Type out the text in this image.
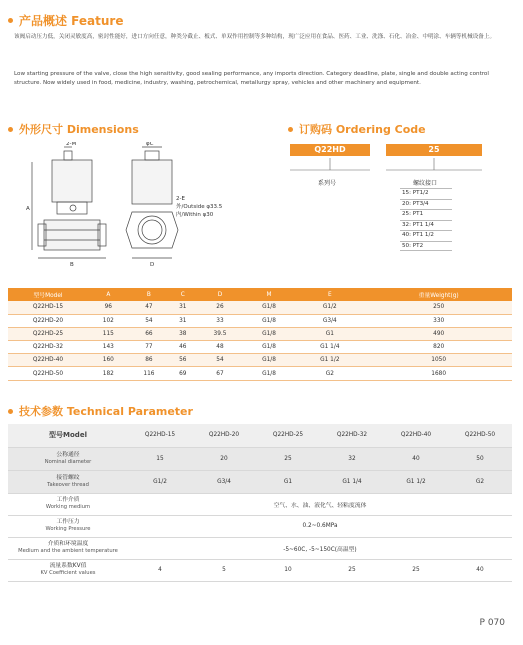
产品概述 Feature
该阀启动压力低，关闭灵敏度高，密封性能好，进口方向任意，种类分截止、板式、单双作用控制等多种结构，现广泛应用在食品、医药、工业、洗涤、石化、冶金、中明涂、车辆等机械设备上。
Low starting pressure of the valve, close the high sensitivity, good sealing performance, any imports direction. Category deadline, plate, single and double acting control structure. Now widely used in food, medicine, industry, washing, petrochemical, metallurgy spray, vehicles and other machinery and equipment.
外形尺寸 Dimensions	订购码 Ordering Code
2-M	φC
A
B	D
2-E
外/Outside φ33.5
内/Within φ30
Q22HD	25
系列号	螺纹接口
15: PT1/2
20: PT3/4
25: PT1
32: PT1 1/4
40: PT1 1/2
50: PT2
型号Model	A	B	C	D	M	E	重量Weight(g)
Q22HD-15	96	47	31	26	G1/8	G1/2	250
Q22HD-20	102	54	31	33	G1/8	G3/4	330
Q22HD-25	115	66	38	39.5	G1/8	G1	490
Q22HD-32	143	77	46	48	G1/8	G1 1/4	820
Q22HD-40	160	86	56	54	G1/8	G1 1/2	1050
Q22HD-50	182	116	69	67	G1/8	G2	1680
技术参数 Technical Parameter
型号Model	Q22HD-15	Q22HD-20	Q22HD-25	Q22HD-32	Q22HD-40	Q22HD-50

公称通径
Nominal diameter	15	20	25	32	40	50

接管螺纹
Takeover thread	G1/2	G3/4	G1	G1 1/4	G1 1/2	G2

工作介质
Working medium	空气、水、油、液化气、轻粘度流体					

工作压力
Working Pressure	0.2~0.6MPa					

介质和环境温度
Medium and the ambient temperature	-5~60C, -5~150C(高温型)					

流量系数KV值
KV Coefficient values	4	5	10	25	25	40
P 070
